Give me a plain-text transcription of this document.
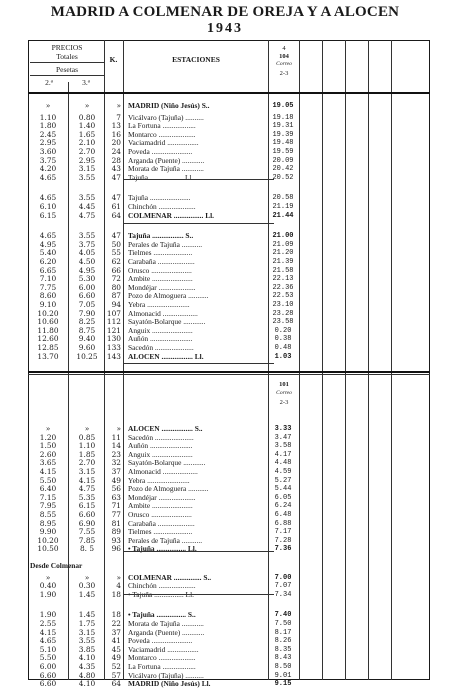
MADRID A COLMENAR DE OREJA Y A ALOCEN
1943
PRECIOS
Totales
Pesetas
2.ª	3.ª
K.	ESTACIONES
4
104
Correo
2-3
»	»	» MADRID (Niño Jesús) S..	19.05
1.10	0.80	7 Vicálvaro (Tajuña) ..........	19.18
1.80	1.40	13 La Fortuna ..................	19.31
2.45	1.65	16 Montarco ....................	19.39
2.95	2.10	20 Vaciamadrid .................	19.48
3.60	2.70	24 Poveda ......................	19.59
3.75	2.95	28 Arganda (Puente) ............	20.09
4.20	3.15	43 Morata de Tajuña ............	20.42
4.65	3.55	47 Tajuña .................. Ll.	20.52
4.65	3.55	47 Tajuña ......................	20.58
6.10	4.45	61 Chinchón ....................	21.19
6.15	4.75	64 COLMENAR ................ Ll.	21.44
4.65	3.55	47 Tajuña ................. S..	21.00
4.95	3.75	50 Perales de Tajuña ...........	21.09
5.40	4.05	55 Tielmes .....................	21.20
6.20	4.50	62 Carabaña ....................	21.39
6.65	4.95	66 Orusco ......................	21.58
7.10	5.30	72 Ambite ......................	22.13
7.75	6.00	80 Mondéjar ....................	22.36
8.60	6.60	87 Pozo de Almoguera ...........	22.53
9.10	7.05	94 Yebra .......................	23.10
10.20	7.90	107 Almonacid ...................	23.28
10.60	8.25	112 Sayatón-Bolarque ............	23.58
11.80	8.75	121 Anguix ......................	0.20
12.60	9.40	130 Auñón .......................	0.38
12.85	9.60	133 Sacedón .....................	0.48
13.70	10.25	143 ALOCEN ................. Ll.	1.03
101
Correo
2-3
»	»	» ALOCEN ................. S..	3.33
1.20	0.85	11 Sacedón .....................	3.47
1.50	1.10	14 Auñón .......................	3.58
2.60	1.85	23 Anguix ......................	4.17
3.65	2.70	32 Sayatón-Bolarque ............	4.48
4.15	3.15	37 Almonacid ...................	4.59
5.50	4.15	49 Yebra .......................	5.27
6.40	4.75	56 Pozo de Almoguera ...........	5.44
7.15	5.35	63 Mondéjar ....................	6.05
7.95	6.15	71 Ambite ......................	6.24
8.55	6.60	77 Orusco ......................	6.48
8.95	6.90	81 Carabaña ....................	6.88
9.90	7.55	89 Tielmes .....................	7.17
10.20	7.85	93 Perales de Tajuña ...........	7.28
10.50	8. 5	96 • Tajuña ................ Ll.	7.36
Desde Colmenar
»	»	» COLMENAR ............... S..	7.00
0.40	0.30	4 Chinchón ....................	7.07
1.90	1.45	18 • Tajuña ................ Ll.	7.34
1.90	1.45	18 • Tajuña ................ S..	7.40
2.55	1.75	22 Morata de Tajuña ............	7.50
4.15	3.15	37 Arganda (Puente) ............	8.17
4.65	3.55	41 Poveda ......................	8.26
5.10	3.85	45 Vaciamadrid .................	8.35
5.50	4.10	49 Montarco ....................	8.43
6.00	4.35	52 La Fortuna ..................	8.50
6.60	4.80	57 Vicálvaro (Tajuña) ..........	9.01
6.60	4.10	64 MADRID (Niño Jesús) Ll.	9.15
